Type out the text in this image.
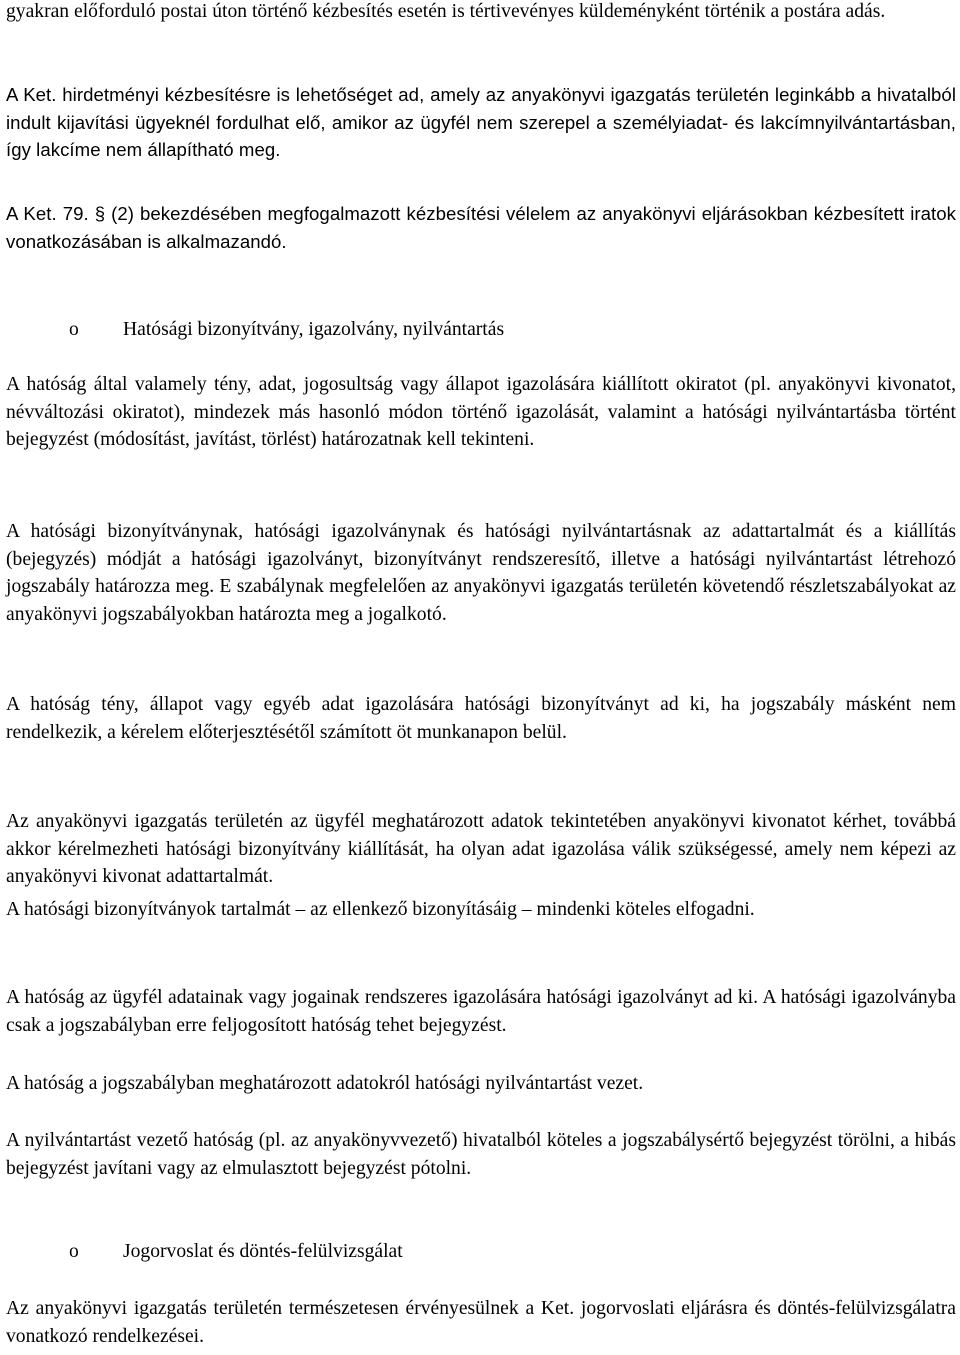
gyakran előforduló postai úton történő kézbesítés esetén is tértivevényes küldeményként történik a postára adás.

A Ket. hirdetményi kézbesítésre is lehetőséget ad, amely az anyakönyvi igazgatás területén leginkább a hivatalból indult kijavítási ügyeknél fordulhat elő, amikor az ügyfél nem szerepel a személyiadat- és lakcímnyilvántartásban, így lakcíme nem állapítható meg.

A Ket. 79. § (2) bekezdésében megfogalmazott kézbesítési vélelem az anyakönyvi eljárásokban kézbesített iratok vonatkozásában is alkalmazandó.

o Hatósági bizonyítvány, igazolvány, nyilvántartás

A hatóság által valamely tény, adat, jogosultság vagy állapot igazolására kiállított okiratot (pl. anyakönyvi kivonatot, névváltozási okiratot), mindezek más hasonló módon történő igazolását, valamint a hatósági nyilvántartásba történt bejegyzést (módosítást, javítást, törlést) határozatnak kell tekinteni.

A hatósági bizonyítványnak, hatósági igazolványnak és hatósági nyilvántartásnak az adattartalmát és a kiállítás (bejegyzés) módját a hatósági igazolványt, bizonyítványt rendszeresítő, illetve a hatósági nyilvántartást létrehozó jogszabály határozza meg. E szabálynak megfelelően az anyakönyvi igazgatás területén követendő részletszabályokat az anyakönyvi jogszabályokban határozta meg a jogalkotó.

A hatóság tény, állapot vagy egyéb adat igazolására hatósági bizonyítványt ad ki, ha jogszabály másként nem rendelkezik, a kérelem előterjesztésétől számított öt munkanapon belül.

Az anyakönyvi igazgatás területén az ügyfél meghatározott adatok tekintetében anyakönyvi kivonatot kérhet, továbbá akkor kérelmezheti hatósági bizonyítvány kiállítását, ha olyan adat igazolása válik szükségessé, amely nem képezi az anyakönyvi kivonat adattartalmát.

A hatósági bizonyítványok tartalmát – az ellenkező bizonyításáig – mindenki köteles elfogadni.

A hatóság az ügyfél adatainak vagy jogainak rendszeres igazolására hatósági igazolványt ad ki. A hatósági igazolványba csak a jogszabályban erre feljogosított hatóság tehet bejegyzést.

A hatóság a jogszabályban meghatározott adatokról hatósági nyilvántartást vezet.

A nyilvántartást vezető hatóság (pl. az anyakönyvvezető) hivatalból köteles a jogszabálysértő bejegyzést törölni, a hibás bejegyzést javítani vagy az elmulasztott bejegyzést pótolni.

o Jogorvoslat és döntés-felülvizsgálat

Az anyakönyvi igazgatás területén természetesen érvényesülnek a Ket. jogorvoslati eljárásra és döntés-felülvizsgálatra vonatkozó rendelkezései.
